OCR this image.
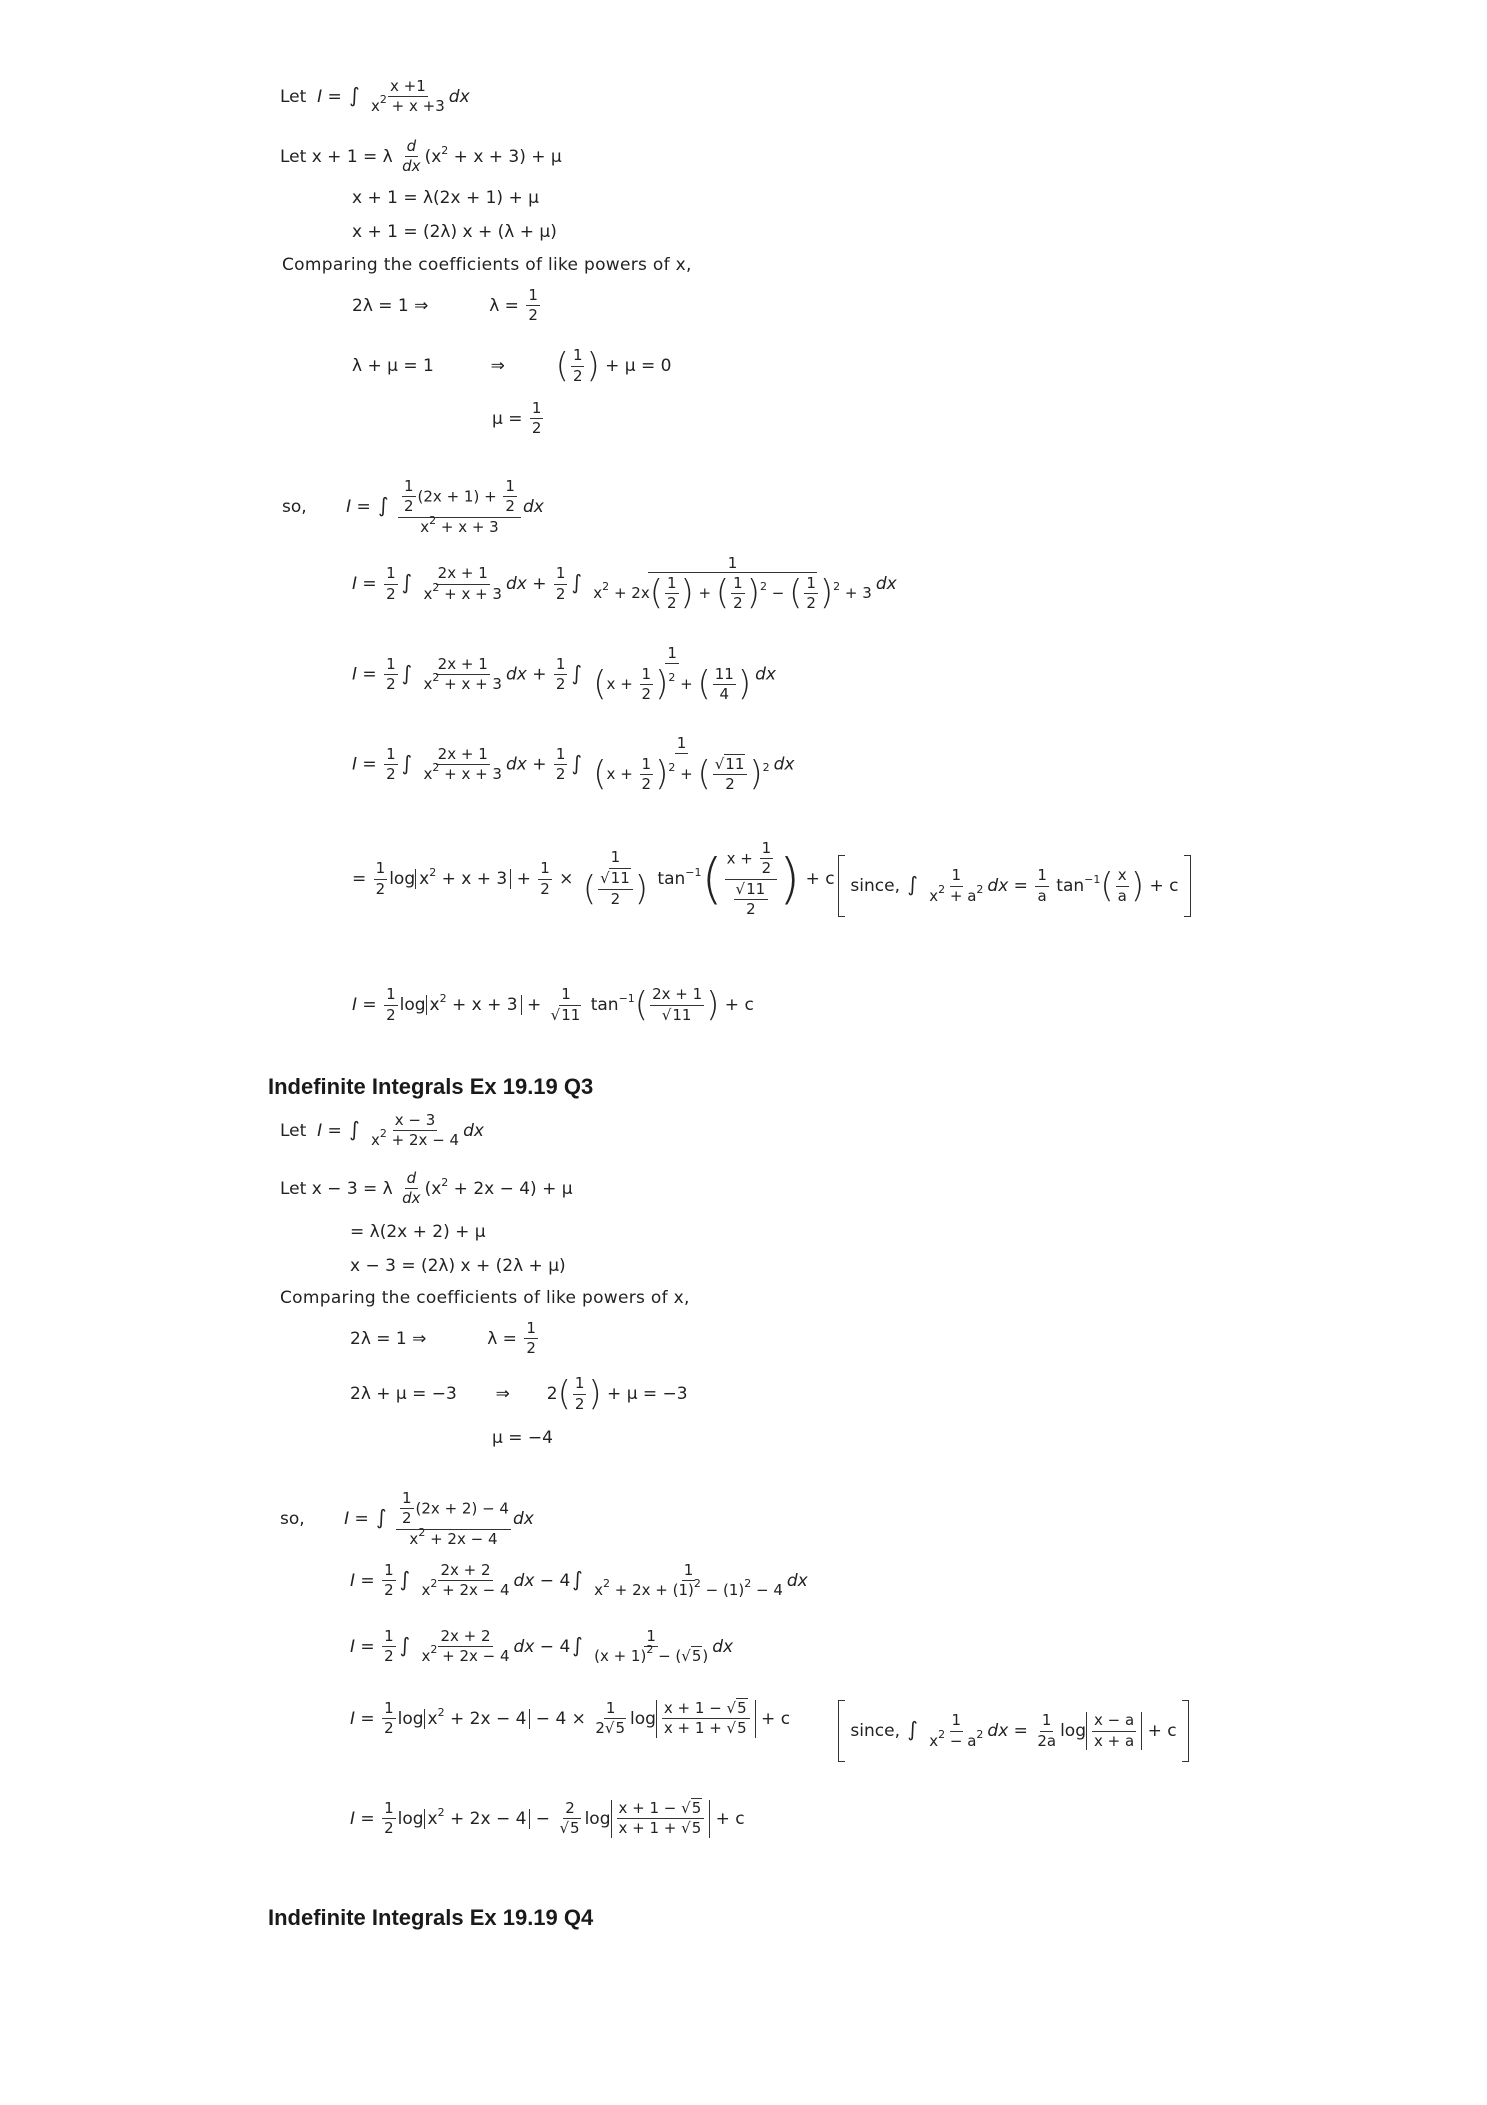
Let  I = ∫ $\frac{x +1}{x^2 + x +3}$ dx
Let x + 1 = λ $\frac{d}{dx} (x^2 + x + 3) + \mu$
x + 1 = λ(2x + 1) + μ
x + 1 = (2λ) x + (λ + μ)
Comparing the coefficients of like powers of x,
2λ = 1 ⇒	$\lambda = \frac{1}{2}$
λ + μ = 1	⇒  ( $\frac{1}{2}$ ) + μ = 0
$\mu = \frac{1}{2}$
so, I = ∫ $\frac{\frac{1}{2} (2x + 1) + \frac{1}{2}}{x^2 + x + 3}$ dx
$I = \frac{1}{2}$ ∫ $\frac{2x + 1}{x^2 + x + 3}$ dx + $\frac{1}{2}$ ∫ $\frac{1}{x^2 + 2x( \frac{1}{2} ) + ( \frac{1}{2} )^2 - ( \frac{1}{2} )^2 + 3}$ dx
$I = \frac{1}{2}$ ∫ $\frac{2x + 1}{x^2 + x + 3}$ dx + $\frac{1}{2}$ ∫ $\frac{1}{(x + \frac{1}{2} )^2 + ( \frac{11}{4} )}$ dx
$I = \frac{1}{2}$ ∫ $\frac{2x + 1}{x^2 + x + 3}$ dx + $\frac{1}{2}$ ∫ $\frac{1}{(x + \frac{1}{2} )^2 + ( \frac{√11}{2} )^2}$ dx
= $\frac{1}{2}$ $\log x^2 + x + 3 + \frac{1}{2} \times \frac{1}{( \frac{√11}{2} )} \tan^{-1}( \frac{x + \frac{1}{2}}{\frac{√11}{2}}$ ) + c since, ∫ $\frac{1}{x^2 + a^2}$ dx = $\frac{1}{a} \tan^{-1}( \frac{x}{a}$ ) + c
$I = \frac{1}{2}$ $\log x^2 + x + 3 + \frac{1}{√11} \tan^{-1}( \frac{2x + 1}{√11}$ ) + c
Indefinite Integrals Ex 19.19 Q3
Let  I = ∫ $\frac{x - 3}{x^2 + 2x - 4}$ dx
Let x − 3 = λ $\frac{d}{dx} (x^2 + 2x - 4) + \mu$
= λ(2x + 2) + μ
x − 3 = (2λ) x + (2λ + μ)
Comparing the coefficients of like powers of x,
2λ = 1 ⇒	$\lambda = \frac{1}{2}$
2λ + μ = −3  ⇒  $2( \frac{1}{2}$ ) + μ = −3
μ = −4
so, I = ∫ $\frac{\frac{1}{2} (2x + 2) - 4}{x^2 + 2x - 4}$ dx
$I = \frac{1}{2}$ ∫ $\frac{2x + 2}{x^2 + 2x - 4}$ dx − 4 ∫ $\frac{1}{x^2 + 2x + (1)^2 - (1)^2 - 4}$ dx
$I = \frac{1}{2}$ ∫ $\frac{2x + 2}{x^2 + 2x - 4}$ dx − 4 ∫ $\frac{1}{(x + 1)^2 - (√5)}$ dx
$I = \frac{1}{2}$ $\log x^2 + 2x - 4 - 4 \times \frac{1}{2√5}$ $\log \frac{x + 1 - √5}{x + 1 + √5} + c$
since, ∫ $\frac{1}{x^2 - a^2}$ dx = $\frac{1}{2a}$ $\log \frac{x - a}{x + a} + c$
$I = \frac{1}{2}$ $\log x^2 + 2x - 4 - \frac{2}{√5}$ $\log \frac{x + 1 - √5}{x + 1 + √5} + c$
Indefinite Integrals Ex 19.19 Q4
